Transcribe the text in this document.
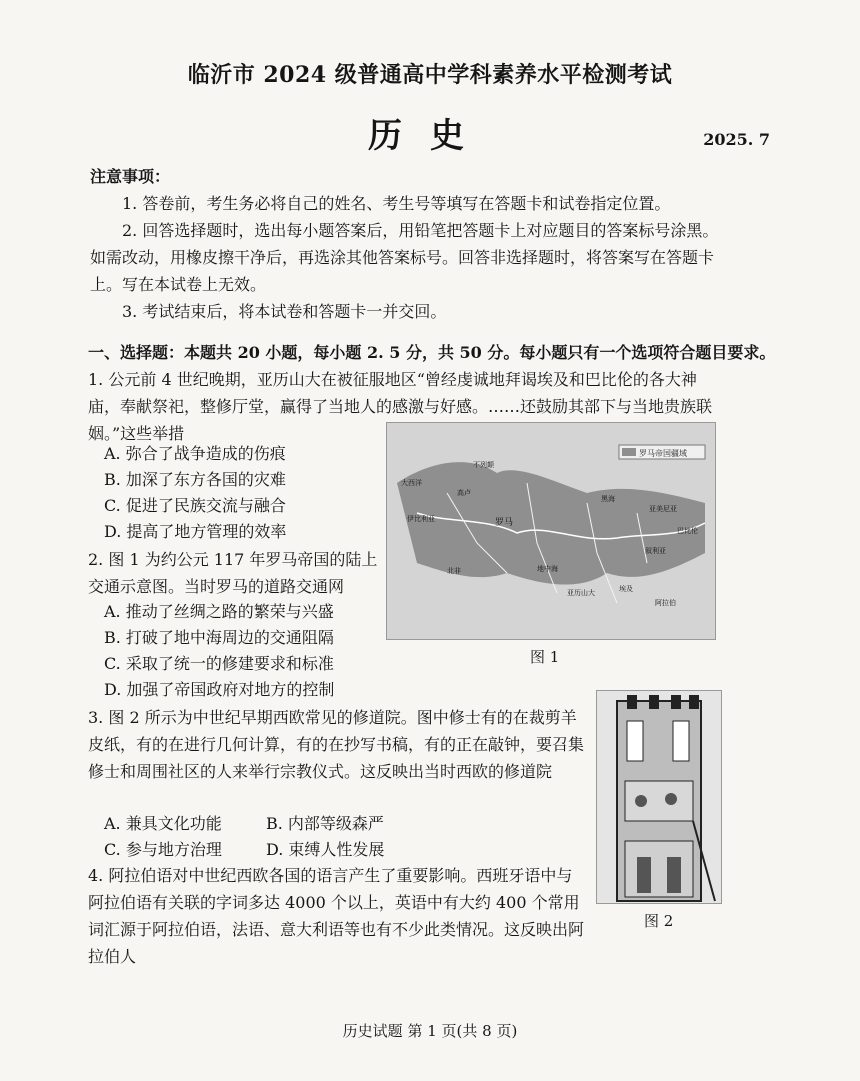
临沂市 2024 级普通高中学科素养水平检测考试
历史	2025. 7
注意事项：
1. 答卷前，考生务必将自己的姓名、考生号等填写在答题卡和试卷指定位置。
2. 回答选择题时，选出每小题答案后，用铅笔把答题卡上对应题目的答案标号涂黑。如需改动，用橡皮擦干净后，再选涂其他答案标号。回答非选择题时，将答案写在答题卡上。写在本试卷上无效。
3. 考试结束后，将本试卷和答题卡一并交回。
一、选择题：本题共 20 小题，每小题 2. 5 分，共 50 分。每小题只有一个选项符合题目要求。
1. 公元前 4 世纪晚期，亚历山大在被征服地区“曾经虔诚地拜谒埃及和巴比伦的各大神庙，奉献祭祀，整修厅堂，赢得了当地人的感激与好感。……还鼓励其部下与当地贵族联姻。”这些举措
A. 弥合了战争造成的伤痕
B. 加深了东方各国的灾难
C. 促进了民族交流与融合
D. 提高了地方管理的效率
2. 图 1 为约公元 117 年罗马帝国的陆上交通示意图。当时罗马的道路交通网
A. 推动了丝绸之路的繁荣与兴盛
B. 打破了地中海周边的交通阻隔
C. 采取了统一的修建要求和标准
D. 加强了帝国政府对地方的控制
罗马帝国疆域
不列颠
大西洋
伊比利亚
高卢
罗马
地中海
黑海
亚美尼亚
叙利亚
埃及
阿拉伯
北非
巴比伦
亚历山大
图 1
3. 图 2 所示为中世纪早期西欧常见的修道院。图中修士有的在裁剪羊皮纸，有的在进行几何计算，有的在抄写书稿，有的正在敲钟，要召集修士和周围社区的人来举行宗教仪式。这反映出当时西欧的修道院
A. 兼具文化功能	B. 内部等级森严
C. 参与地方治理	D. 束缚人性发展
图 2
4. 阿拉伯语对中世纪西欧各国的语言产生了重要影响。西班牙语中与阿拉伯语有关联的字词多达 4000 个以上，英语中有大约 400 个常用词汇源于阿拉伯语，法语、意大利语等也有不少此类情况。这反映出阿拉伯人
历史试题 第 1 页(共 8 页)
